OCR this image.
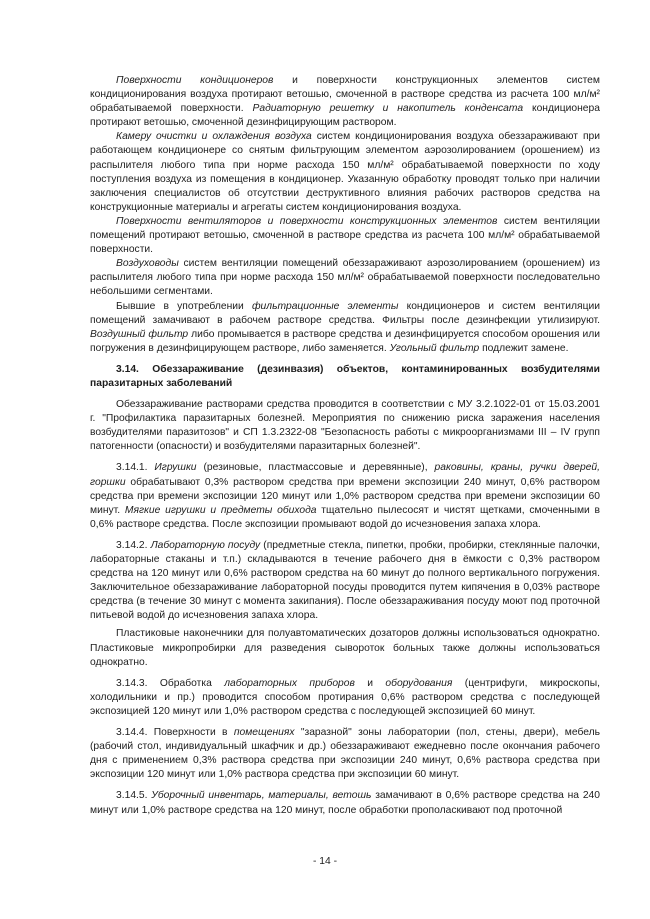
Поверхности кондиционеров и поверхности конструкционных элементов систем кондиционирования воздуха протирают ветошью, смоченной в растворе средства из расчета 100 мл/м² обрабатываемой поверхности. Радиаторную решетку и накопитель конденсата кондиционера протирают ветошью, смоченной дезинфицирующим раствором.

Камеру очистки и охлаждения воздуха систем кондиционирования воздуха обеззараживают при работающем кондиционере со снятым фильтрующим элементом аэрозолированием (орошением) из распылителя любого типа при норме расхода 150 мл/м² обрабатываемой поверхности по ходу поступления воздуха из помещения в кондиционер. Указанную обработку проводят только при наличии заключения специалистов об отсутствии деструктивного влияния рабочих растворов средства на конструкционные материалы и агрегаты систем кондиционирования воздуха.

Поверхности вентиляторов и поверхности конструкционных элементов систем вентиляции помещений протирают ветошью, смоченной в растворе средства из расчета 100 мл/м² обрабатываемой поверхности.

Воздуховоды систем вентиляции помещений обеззараживают аэрозолированием (орошением) из распылителя любого типа при норме расхода 150 мл/м² обрабатываемой поверхности последовательно небольшими сегментами.

Бывшие в употреблении фильтрационные элементы кондиционеров и систем вентиляции помещений замачивают в рабочем растворе средства. Фильтры после дезинфекции утилизируют. Воздушный фильтр либо промывается в растворе средства и дезинфицируется способом орошения или погружения в дезинфицирующем растворе, либо заменяется. Угольный фильтр подлежит замене.

3.14. Обеззараживание (дезинвазия) объектов, контаминированных возбудителями паразитарных заболеваний

Обеззараживание растворами средства проводится в соответствии с МУ 3.2.1022-01 от 15.03.2001 г. "Профилактика паразитарных болезней. Мероприятия по снижению риска заражения населения возбудителями паразитозов" и СП 1.3.2322-08 "Безопасность работы с микроорганизмами III – IV групп патогенности (опасности) и возбудителями паразитарных болезней".

3.14.1. Игрушки (резиновые, пластмассовые и деревянные), раковины, краны, ручки дверей, горшки обрабатывают 0,3% раствором средства при времени экспозиции 240 минут, 0,6% раствором средства при времени экспозиции 120 минут или 1,0% раствором средства при времени экспозиции 60 минут. Мягкие игрушки и предметы обихода тщательно пылесосят и чистят щетками, смоченными в 0,6% растворе средства. После экспозиции промывают водой до исчезновения запаха хлора.

3.14.2. Лабораторную посуду (предметные стекла, пипетки, пробки, пробирки, стеклянные палочки, лабораторные стаканы и т.п.) складываются в течение рабочего дня в ёмкости с 0,3% раствором средства на 120 минут или 0,6% раствором средства на 60 минут до полного вертикального погружения. Заключительное обеззараживание лабораторной посуды проводится путем кипячения в 0,03% растворе средства (в течение 30 минут с момента закипания). После обеззараживания посуду моют под проточной питьевой водой до исчезновения запаха хлора.

Пластиковые наконечники для полуавтоматических дозаторов должны использоваться однократно. Пластиковые микропробирки для разведения сывороток больных также должны использоваться однократно.

3.14.3. Обработка лабораторных приборов и оборудования (центрифуги, микроскопы, холодильники и пр.) проводится способом протирания 0,6% раствором средства с последующей экспозицией 120 минут или 1,0% раствором средства с последующей экспозицией 60 минут.

3.14.4. Поверхности в помещениях "заразной" зоны лаборатории (пол, стены, двери), мебель (рабочий стол, индивидуальный шкафчик и др.) обеззараживают ежедневно после окончания рабочего дня с применением 0,3% раствора средства при экспозиции 240 минут, 0,6% раствора средства при экспозиции 120 минут или 1,0% раствора средства при экспозиции 60 минут.

3.14.5. Уборочный инвентарь, материалы, ветошь замачивают в 0,6% растворе средства на 240 минут или 1,0% растворе средства на 120 минут, после обработки прополаскивают под проточной

- 14 -
